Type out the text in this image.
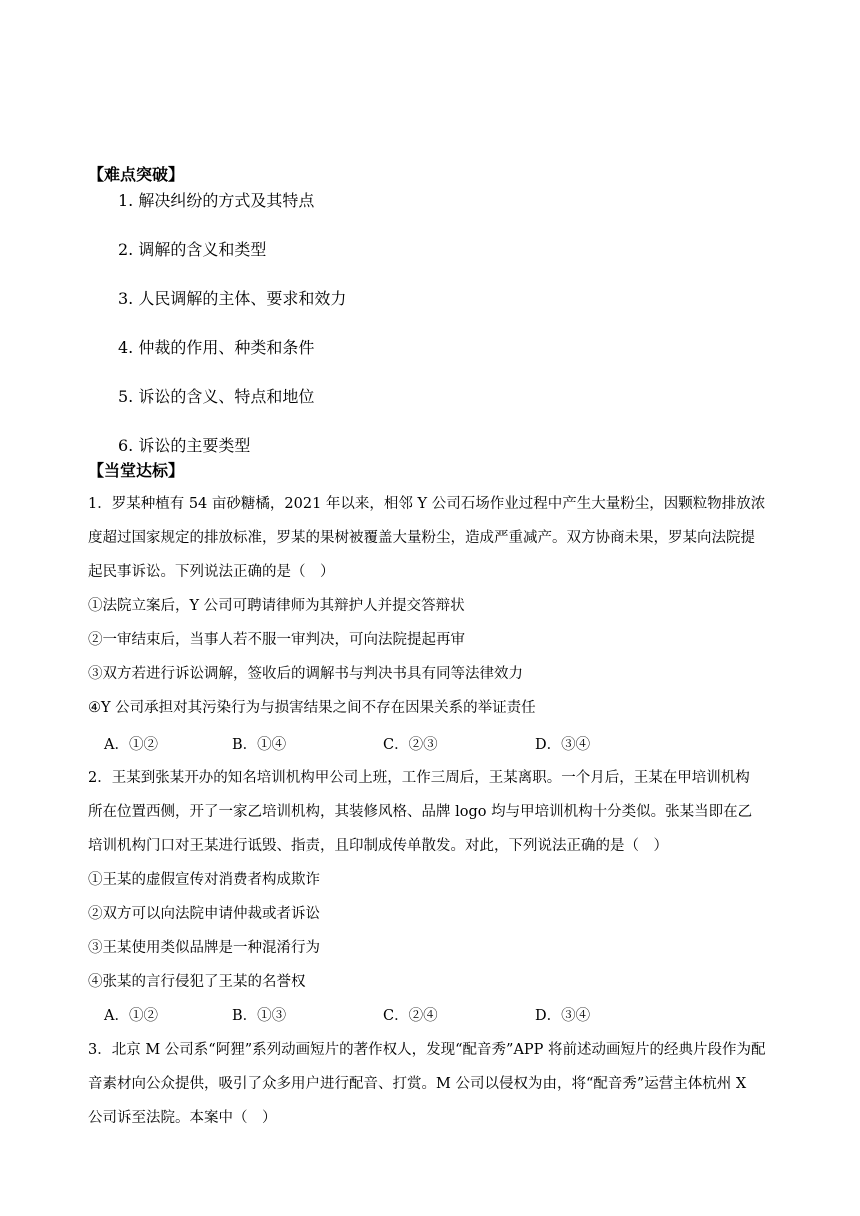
【难点突破】
1. 解决纠纷的方式及其特点
2. 调解的含义和类型
3. 人民调解的主体、要求和效力
4. 仲裁的作用、种类和条件
5. 诉讼的含义、特点和地位
6. 诉讼的主要类型
【当堂达标】
1．罗某种植有 54 亩砂糖橘，2021 年以来，相邻 Y 公司石场作业过程中产生大量粉尘，因颗粒物排放浓
度超过国家规定的排放标准，罗某的果树被覆盖大量粉尘，造成严重减产。双方协商未果，罗某向法院提
起民事诉讼。下列说法正确的是（　）
①法院立案后，Y 公司可聘请律师为其辩护人并提交答辩状
②一审结束后，当事人若不服一审判决，可向法院提起再审
③双方若进行诉讼调解，签收后的调解书与判决书具有同等法律效力
④Y 公司承担对其污染行为与损害结果之间不存在因果关系的举证责任
A．①②	B．①④	C．②③	D．③④
2．王某到张某开办的知名培训机构甲公司上班，工作三周后，王某离职。一个月后，王某在甲培训机构
所在位置西侧，开了一家乙培训机构，其装修风格、品牌 logo 均与甲培训机构十分类似。张某当即在乙
培训机构门口对王某进行诋毁、指责，且印制成传单散发。对此，下列说法正确的是（　）
①王某的虚假宣传对消费者构成欺诈
②双方可以向法院申请仲裁或者诉讼
③王某使用类似品牌是一种混淆行为
④张某的言行侵犯了王某的名誉权
A．①②	B．①③	C．②④	D．③④
3．北京 M 公司系“阿狸”系列动画短片的著作权人，发现“配音秀”APP 将前述动画短片的经典片段作为配
音素材向公众提供，吸引了众多用户进行配音、打赏。M 公司以侵权为由，将“配音秀”运营主体杭州 X
公司诉至法院。本案中（　）
